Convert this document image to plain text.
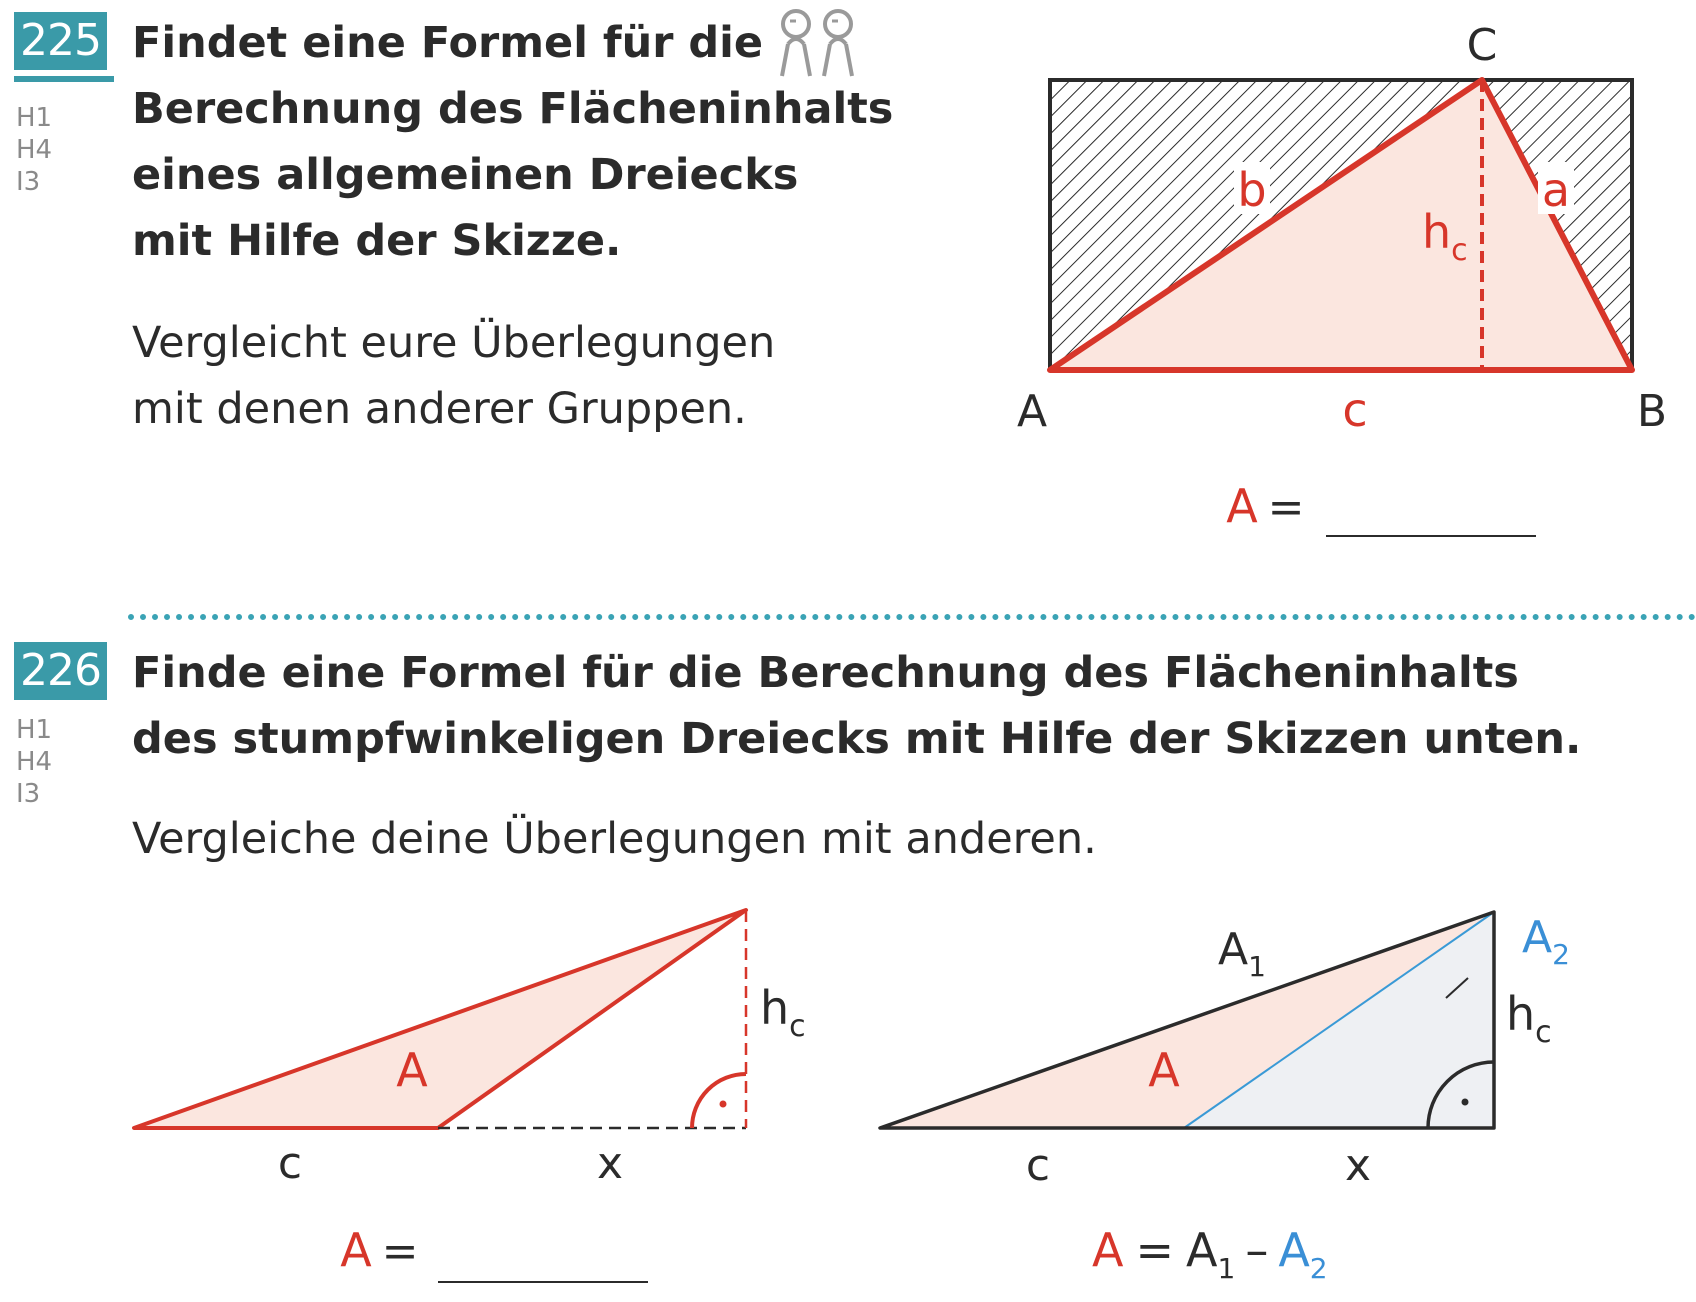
225
H1
H4
I3
Findet eine Formel für die
Berechnung des Flächeninhalts
eines allgemeinen Dreiecks
mit Hilfe der Skizze.
Vergleicht eure Überlegungen
mit denen anderer Gruppen.
C
A	B
c
b	a
$h_c$
A =
226
H1
H4
I3
Finde eine Formel für die Berechnung des Flächeninhalts
des stumpfwinkeligen Dreiecks mit Hilfe der Skizzen unten.
Vergleiche deine Überlegungen mit anderen.
A
c	x
$h_c$
A =
A
$A_1$
$A_2$
$h_c$
c	x
$A = A_1 - A_2$
